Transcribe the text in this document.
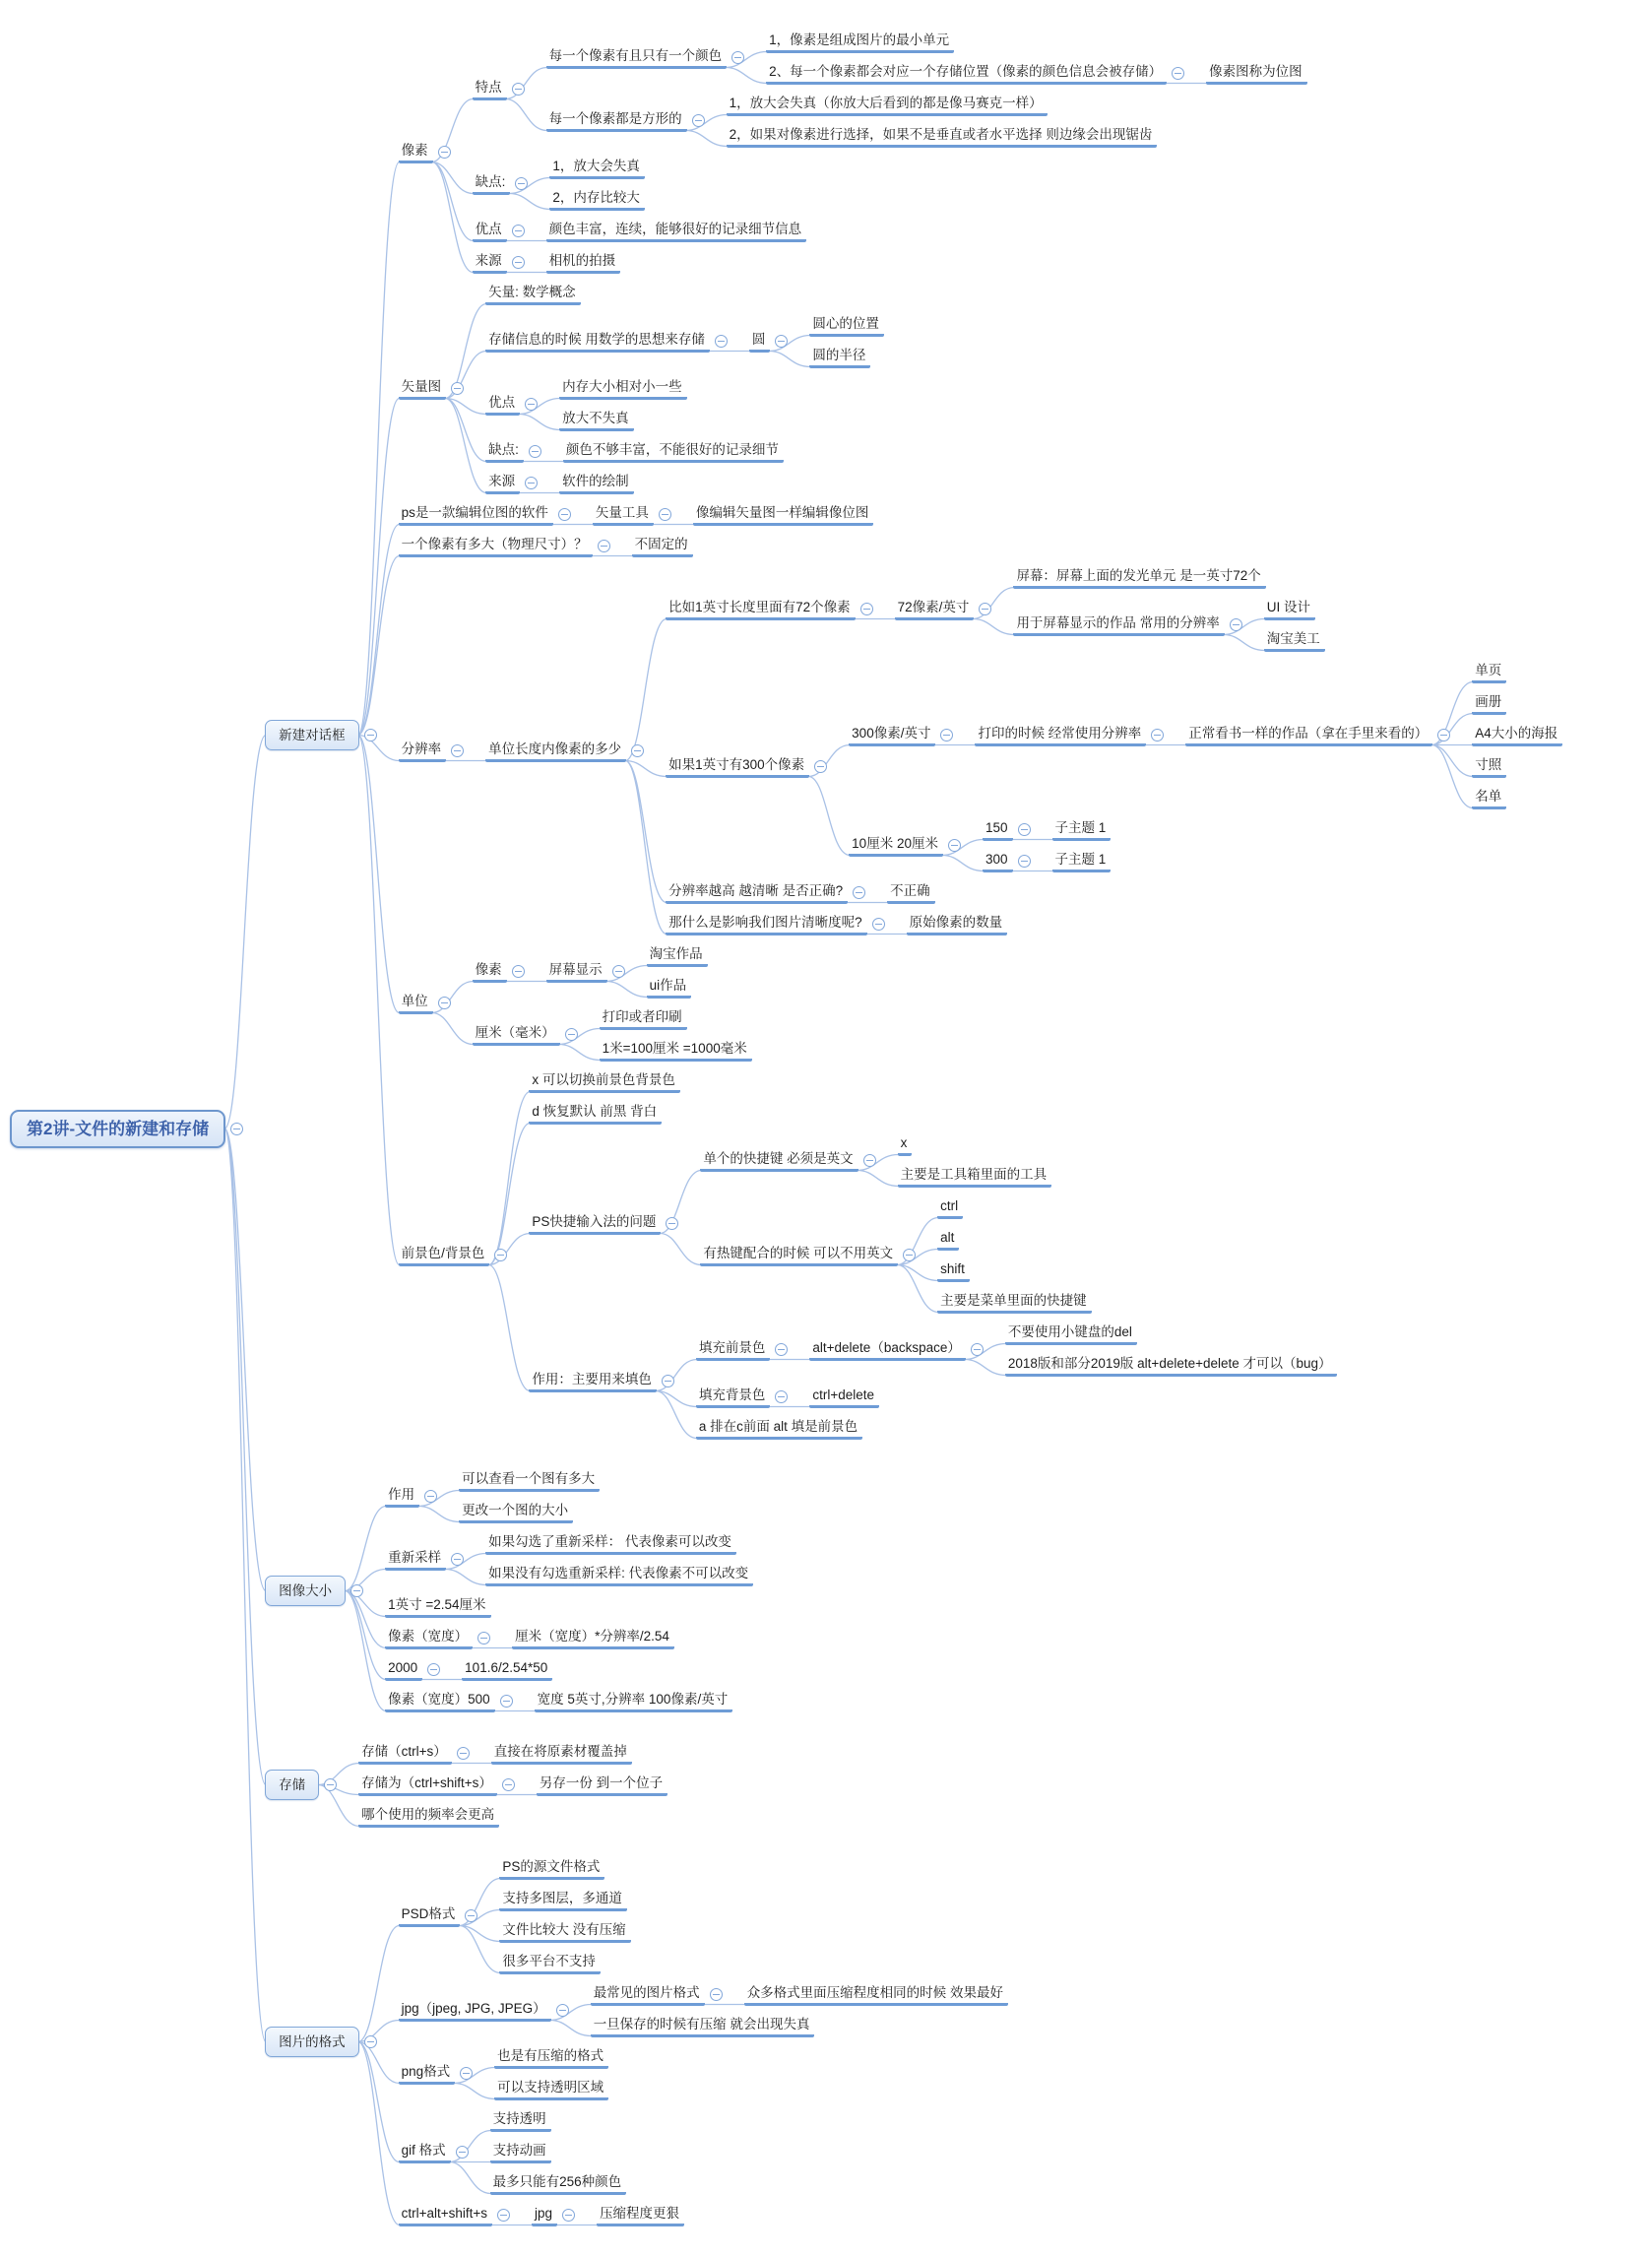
第2讲-文件的新建和存储
新建对话框
像素
特点
每一个像素有且只有一个颜色
1，像素是组成图片的最小单元
2、每一个像素都会对应一个存储位置（像素的颜色信息会被存储）	像素图称为位图
每一个像素都是方形的
1，放大会失真（你放大后看到的都是像马赛克一样）
2，如果对像素进行选择，如果不是垂直或者水平选择 则边缘会出现锯齿
缺点:
1，放大会失真
2，内存比较大
优点	颜色丰富，连续，能够很好的记录细节信息
来源	相机的拍摄
矢量图
矢量: 数学概念
存储信息的时候 用数学的思想来存储	圆
圆心的位置
圆的半径
优点
内存大小相对小一些
放大不失真
缺点:	颜色不够丰富，不能很好的记录细节
来源	软件的绘制
ps是一款编辑位图的软件	矢量工具	像编辑矢量图一样编辑像位图
一个像素有多大（物理尺寸）？	不固定的
分辨率	单位长度内像素的多少
比如1英寸长度里面有72个像素	72像素/英寸
屏幕：屏幕上面的发光单元 是一英寸72个
用于屏幕显示的作品 常用的分辨率
UI 设计
淘宝美工
如果1英寸有300个像素
300像素/英寸	打印的时候 经常使用分辨率	正常看书一样的作品（拿在手里来看的）
单页
画册
A4大小的海报
寸照
名单
10厘米 20厘米
150	子主题 1
300	子主题 1
分辨率越高 越清晰 是否正确?	不正确
那什么是影响我们图片清晰度呢?	原始像素的数量
单位
像素	屏幕显示
淘宝作品
ui作品
厘米（毫米）
打印或者印刷
1米=100厘米 =1000毫米
前景色/背景色
x 可以切换前景色背景色
d 恢复默认 前黑 背白
PS快捷输入法的问题
单个的快捷键 必须是英文
x
主要是工具箱里面的工具
有热键配合的时候 可以不用英文
ctrl
alt
shift
主要是菜单里面的快捷键
作用：主要用来填色
填充前景色	alt+delete（backspace）
不要使用小键盘的del
2018版和部分2019版 alt+delete+delete 才可以（bug）
填充背景色	ctrl+delete
a 排在c前面 alt 填是前景色
图像大小
作用
可以查看一个图有多大
更改一个图的大小
重新采样
如果勾选了重新采样： 代表像素可以改变
如果没有勾选重新采样: 代表像素不可以改变
1英寸 =2.54厘米
像素（宽度）	厘米（宽度）*分辨率/2.54
2000	101.6/2.54*50
像素（宽度）500	宽度 5英寸,分辨率 100像素/英寸
存储
存储（ctrl+s）	直接在将原素材覆盖掉
存储为（ctrl+shift+s）	另存一份 到一个位子
哪个使用的频率会更高
图片的格式
PSD格式
PS的源文件格式
支持多图层，多通道
文件比较大 没有压缩
很多平台不支持
jpg（jpeg, JPG, JPEG）
最常见的图片格式	众多格式里面压缩程度相同的时候 效果最好
一旦保存的时候有压缩 就会出现失真
png格式
也是有压缩的格式
可以支持透明区域
gif 格式
支持透明
支持动画
最多只能有256种颜色
ctrl+alt+shift+s	jpg	压缩程度更狠
